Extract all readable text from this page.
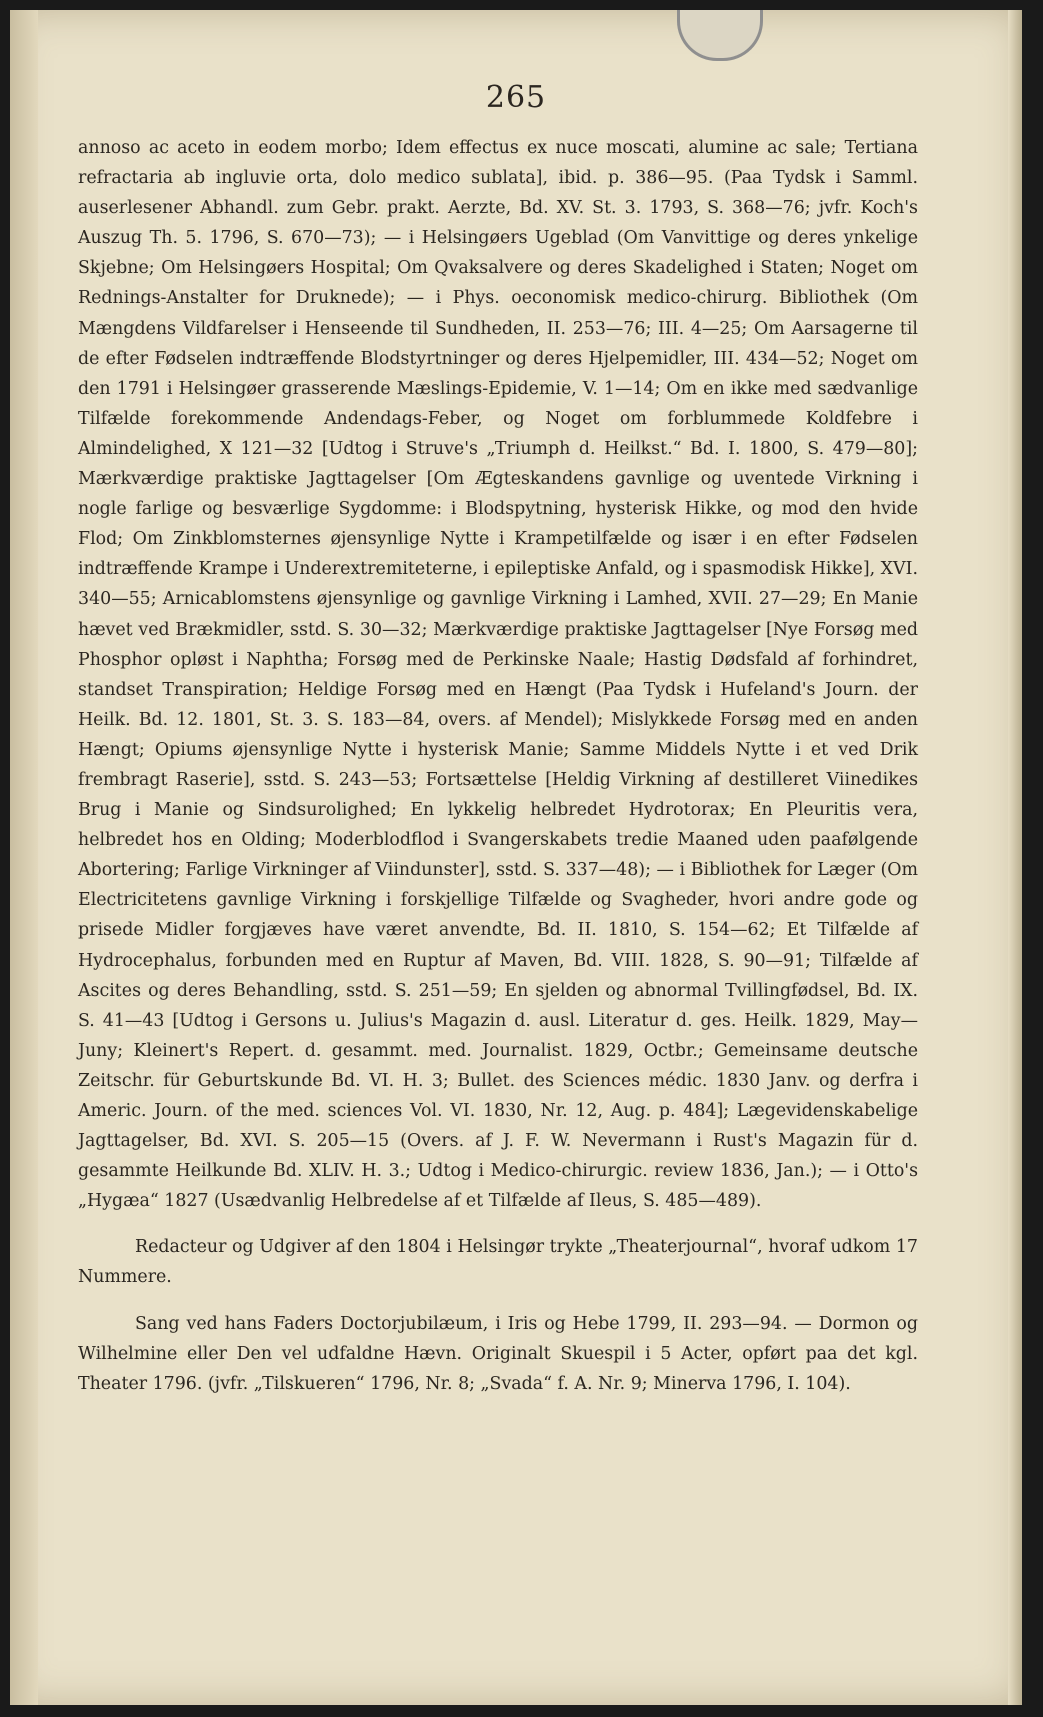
265

annoso ac aceto in eodem morbo; Idem effectus ex nuce moscati, alumine ac sale; Tertiana refractaria ab ingluvie orta, dolo medico sublata], ibid. p. 386—95. (Paa Tydsk i Samml. auserlesener Abhandl. zum Gebr. prakt. Aerzte, Bd. XV. St. 3. 1793, S. 368—76; jvfr. Koch's Auszug Th. 5. 1796, S. 670—73); — i Helsingøers Ugeblad (Om Vanvittige og deres ynkelige Skjebne; Om Helsingøers Hospital; Om Qvaksalvere og deres Skadelighed i Staten; Noget om Rednings-Anstalter for Druknede); — i Phys. oeconomisk medico-chirurg. Bibliothek (Om Mængdens Vildfarelser i Henseende til Sundheden, II. 253—76; III. 4—25; Om Aarsagerne til de efter Fødselen indtræffende Blodstyrtninger og deres Hjelpemidler, III. 434—52; Noget om den 1791 i Helsingøer grasserende Mæslings-Epidemie, V. 1—14; Om en ikke med sædvanlige Tilfælde forekommende Andendags-Feber, og Noget om forblummede Koldfebre i Almindelighed, X 121—32 [Udtog i Struve's „Triumph d. Heilkst.“ Bd. I. 1800, S. 479—80]; Mærkværdige praktiske Jagttagelser [Om Ægteskandens gavnlige og uventede Virkning i nogle farlige og besværlige Sygdomme: i Blodspytning, hysterisk Hikke, og mod den hvide Flod; Om Zinkblomsternes øjensynlige Nytte i Krampetilfælde og især i en efter Fødselen indtræffende Krampe i Underextremiteterne, i epileptiske Anfald, og i spasmodisk Hikke], XVI. 340—55; Arnicablomstens øjensynlige og gavnlige Virkning i Lamhed, XVII. 27—29; En Manie hævet ved Brækmidler, sstd. S. 30—32; Mærkværdige praktiske Jagttagelser [Nye Forsøg med Phosphor opløst i Naphtha; Forsøg med de Perkinske Naale; Hastig Dødsfald af forhindret, standset Transpiration; Heldige Forsøg med en Hængt (Paa Tydsk i Hufeland's Journ. der Heilk. Bd. 12. 1801, St. 3. S. 183—84, overs. af Mendel); Mislykkede Forsøg med en anden Hængt; Opiums øjensynlige Nytte i hysterisk Manie; Samme Middels Nytte i et ved Drik frembragt Raserie], sstd. S. 243—53; Fortsættelse [Heldig Virkning af destilleret Viinedikes Brug i Manie og Sindsurolighed; En lykkelig helbredet Hydrotorax; En Pleuritis vera, helbredet hos en Olding; Moderblodflod i Svangerskabets tredie Maaned uden paafølgende Abortering; Farlige Virkninger af Viindunster], sstd. S. 337—48); — i Bibliothek for Læger (Om Electricitetens gavnlige Virkning i forskjellige Tilfælde og Svagheder, hvori andre gode og prisede Midler forgjæves have været anvendte, Bd. II. 1810, S. 154—62; Et Tilfælde af Hydrocephalus, forbunden med en Ruptur af Maven, Bd. VIII. 1828, S. 90—91; Tilfælde af Ascites og deres Behandling, sstd. S. 251—59; En sjelden og abnormal Tvillingfødsel, Bd. IX. S. 41—43 [Udtog i Gersons u. Julius's Magazin d. ausl. Literatur d. ges. Heilk. 1829, May—Juny; Kleinert's Repert. d. gesammt. med. Journalist. 1829, Octbr.; Gemeinsame deutsche Zeitschr. für Geburtskunde Bd. VI. H. 3; Bullet. des Sciences médic. 1830 Janv. og derfra i Americ. Journ. of the med. sciences Vol. VI. 1830, Nr. 12, Aug. p. 484]; Lægevidenskabelige Jagttagelser, Bd. XVI. S. 205—15 (Overs. af J. F. W. Nevermann i Rust's Magazin für d. gesammte Heilkunde Bd. XLIV. H. 3.; Udtog i Medico-chirurgic. review 1836, Jan.); — i Otto's „Hygæa“ 1827 (Usædvanlig Helbredelse af et Tilfælde af Ileus, S. 485—489).

Redacteur og Udgiver af den 1804 i Helsingør trykte „Theaterjournal“, hvoraf udkom 17 Nummere.

Sang ved hans Faders Doctorjubilæum, i Iris og Hebe 1799, II. 293—94. — Dormon og Wilhelmine eller Den vel udfaldne Hævn. Originalt Skuespil i 5 Acter, opført paa det kgl. Theater 1796. (jvfr. „Tilskueren“ 1796, Nr. 8; „Svada“ f. A. Nr. 9; Minerva 1796, I. 104).
